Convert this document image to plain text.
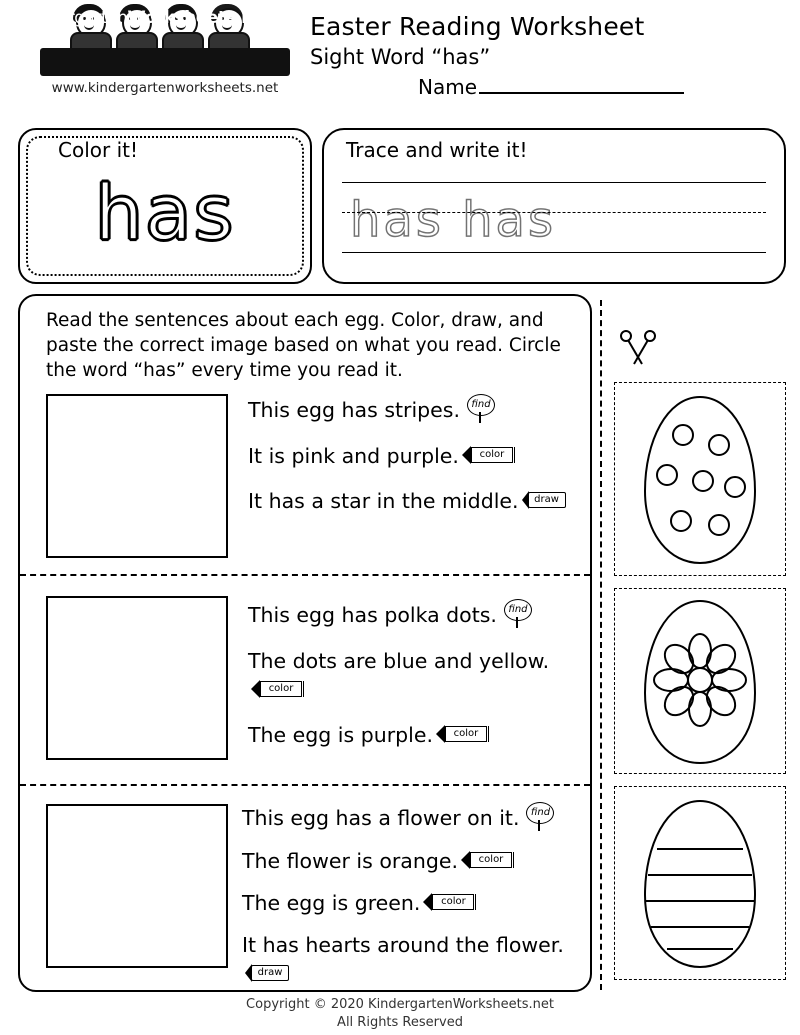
KindergartenWorksheets.net
www.kindergartenworksheets.net
Easter Reading Worksheet
Sight Word “has”
Name
Color it!
has
Trace and write it!
has has
Read the sentences about each egg. Color, draw, and paste the correct image based on what you read. Circle the word “has” every time you read it.

This egg has stripes.	find

It is pink and purple.	color

It has a star in the middle.	draw

This egg has polka dots.	find

The dots are blue and yellow.
color

The egg is purple.	color

This egg has a flower on it.	find

The flower is orange.	color

The egg is green.	color

It has hearts around the flower.
draw

Copyright © 2020 KindergartenWorksheets.net
All Rights Reserved
